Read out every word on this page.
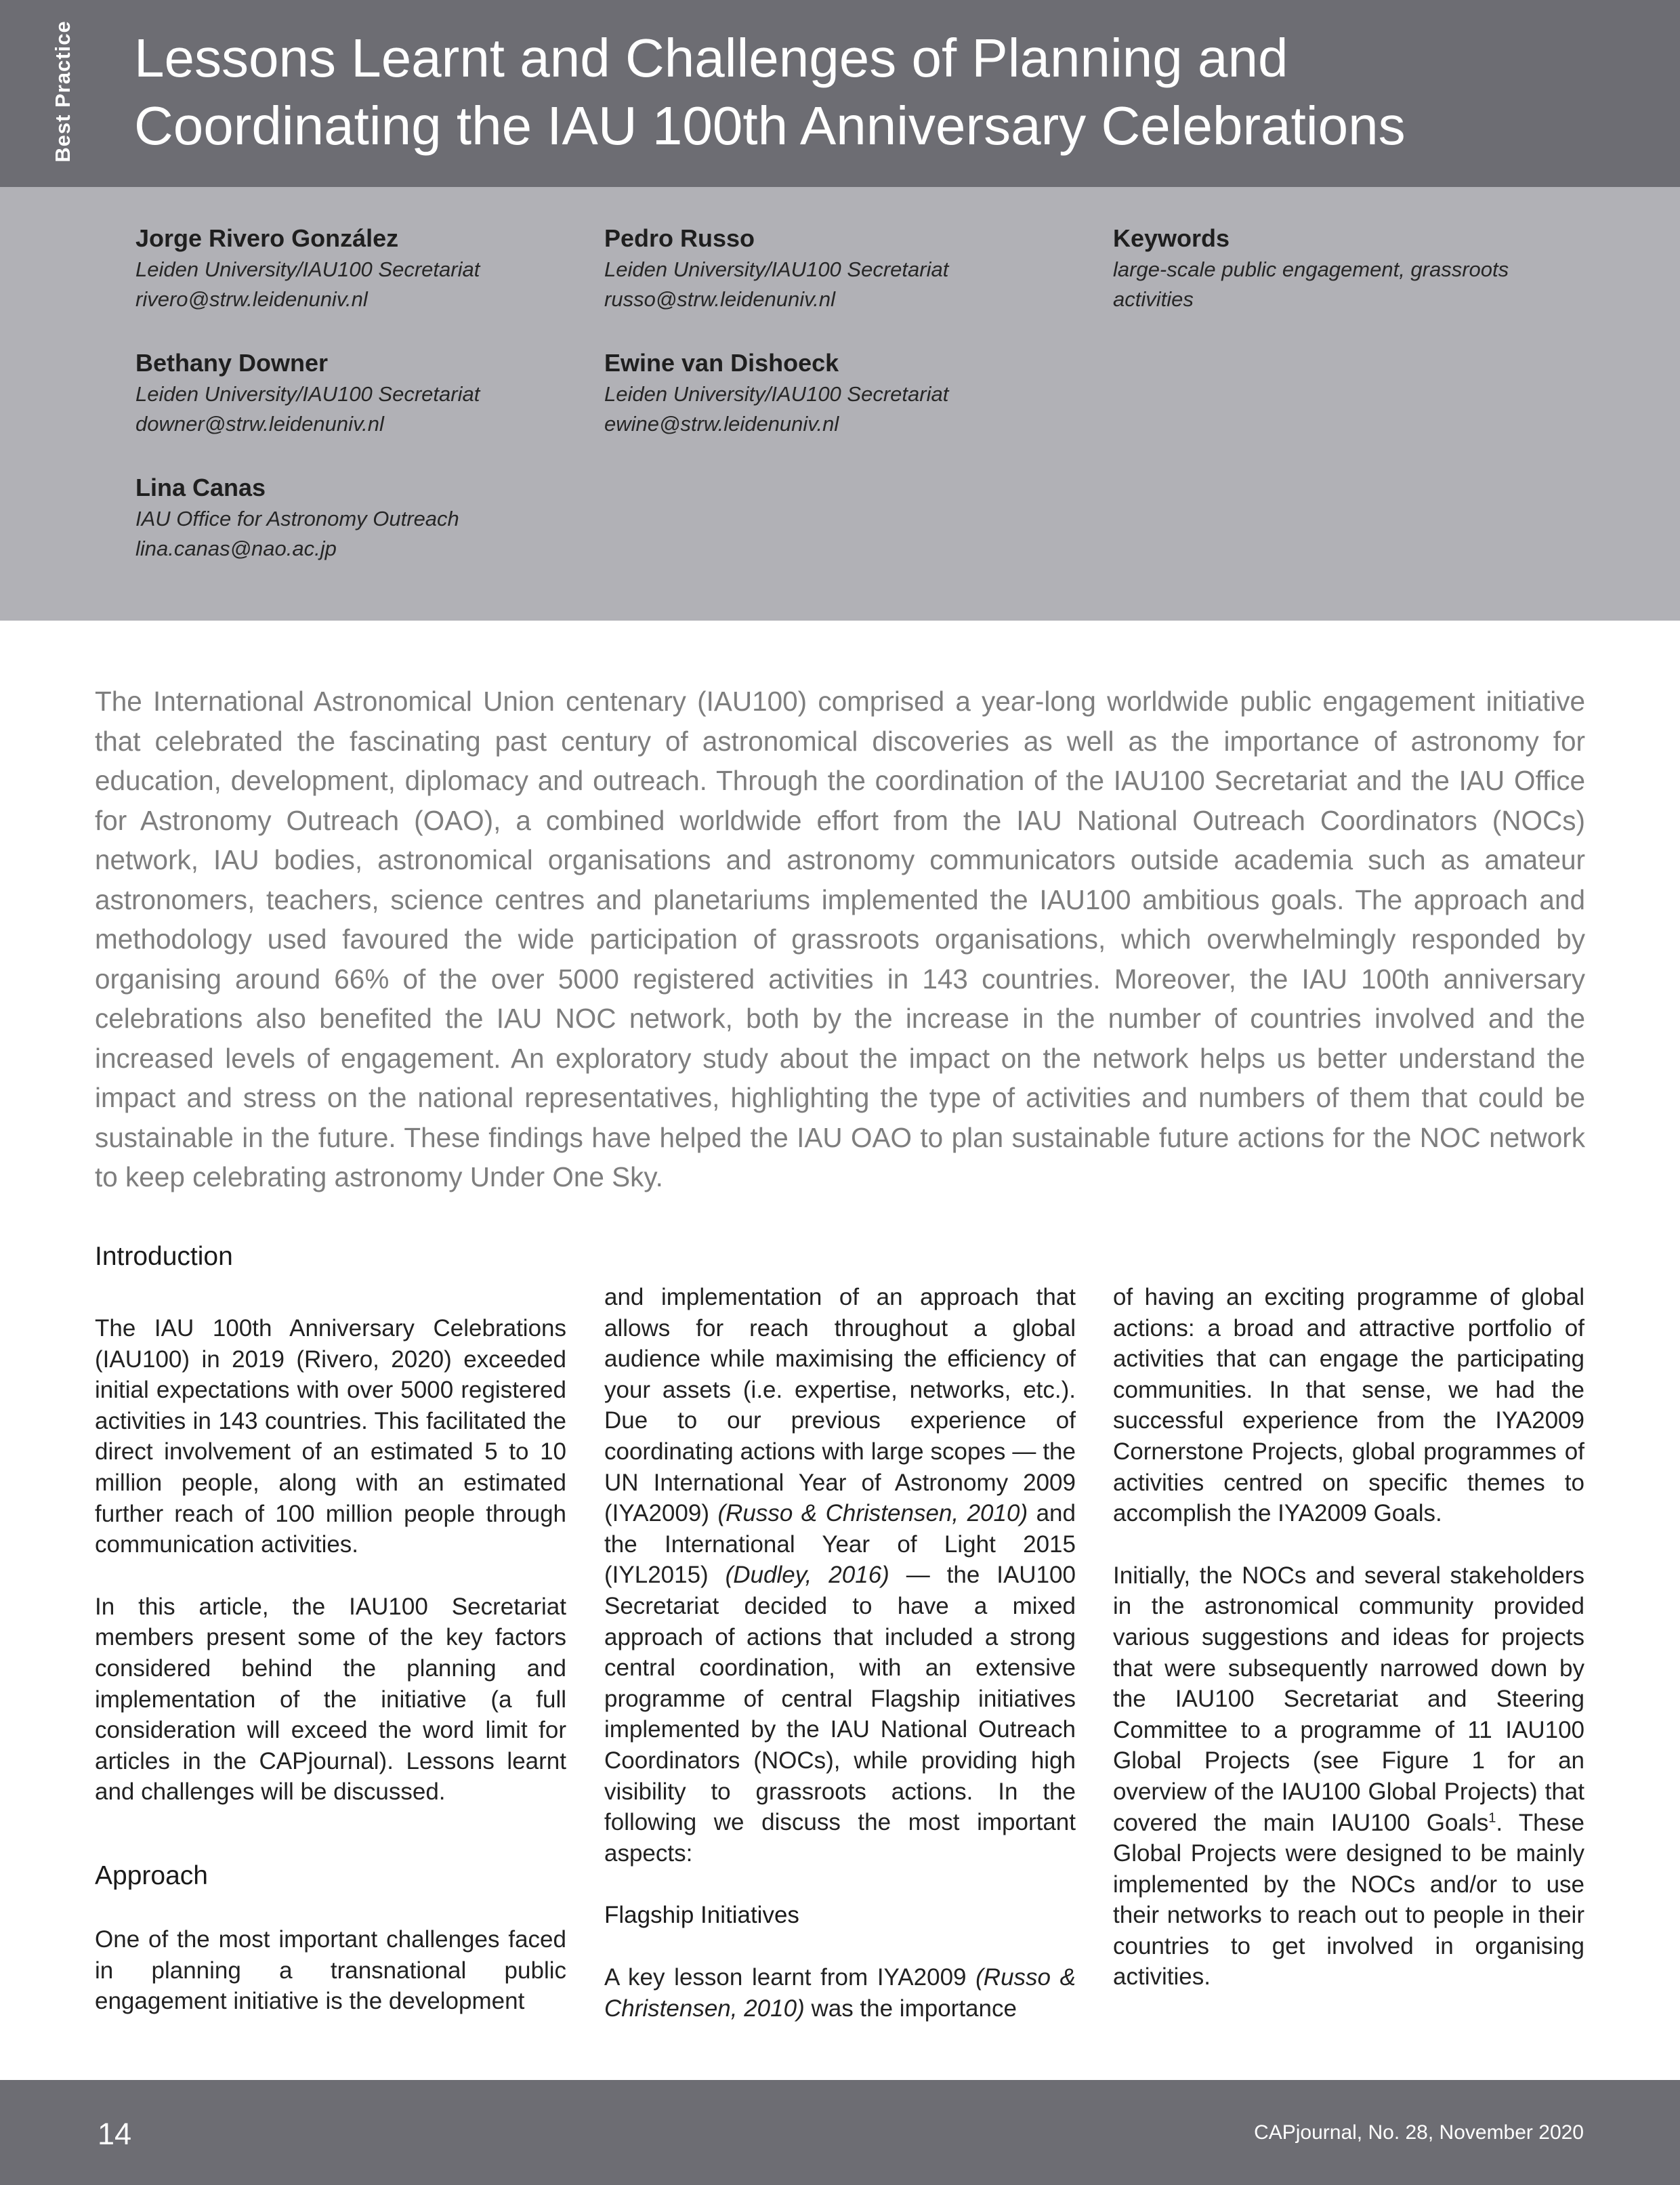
Best Practice Lessons Learnt and Challenges of Planning and
Coordinating the IAU 100th Anniversary Celebrations
Jorge Rivero González
Leiden University/IAU100 Secretariat
rivero@strw.leidenuniv.nl
Pedro Russo
Leiden University/IAU100 Secretariat
russo@strw.leidenuniv.nl
Keywords
large-scale public engagement, grassroots
activities
Bethany Downer
Leiden University/IAU100 Secretariat
downer@strw.leidenuniv.nl
Ewine van Dishoeck
Leiden University/IAU100 Secretariat
ewine@strw.leidenuniv.nl
Lina Canas
IAU Office for Astronomy Outreach
lina.canas@nao.ac.jp

The International Astronomical Union centenary (IAU100) comprised a year-long worldwide public engagement initiative that celebrated the fascinating past century of astronomical discoveries as well as the importance of astronomy for education, development, diplomacy and outreach. Through the coordination of the IAU100 Secretariat and the IAU Office for Astronomy Outreach (OAO), a combined worldwide effort from the IAU National Outreach Coordinators (NOCs) network, IAU bodies, astronomical organisations and astronomy communicators outside academia such as amateur astronomers, teachers, science centres and planetariums implemented the IAU100 ambitious goals. The approach and methodology used favoured the wide participation of grassroots organisations, which overwhelmingly responded by organising around 66% of the over 5000 registered activities in 143 countries. Moreover, the IAU 100th anniversary celebrations also benefited the IAU NOC network, both by the increase in the number of countries involved and the increased levels of engagement. An exploratory study about the impact on the network helps us better understand the impact and stress on the national representatives, highlighting the type of activities and numbers of them that could be sustainable in the future. These findings have helped the IAU OAO to plan sustainable future actions for the NOC network to keep celebrating astronomy Under One Sky.

Introduction

The IAU 100th Anniversary Celebrations (IAU100) in 2019 (Rivero, 2020) exceeded initial expectations with over 5000 registered activities in 143 countries. This facilitated the direct involvement of an estimated 5 to 10 million people, along with an estimated further reach of 100 million people through communication activities.

In this article, the IAU100 Secretariat members present some of the key factors considered behind the planning and implementation of the initiative (a full consideration will exceed the word limit for articles in the CAPjournal). Lessons learnt and challenges will be discussed.

Approach

One of the most important challenges faced in planning a transnational public engagement initiative is the development

and implementation of an approach that allows for reach throughout a global audience while maximising the efficiency of your assets (i.e. expertise, networks, etc.). Due to our previous experience of coordinating actions with large scopes — the UN International Year of Astronomy 2009 (IYA2009) (Russo & Christensen, 2010) and the International Year of Light 2015 (IYL2015) (Dudley, 2016) — the IAU100 Secretariat decided to have a mixed approach of actions that included a strong central coordination, with an extensive programme of central Flagship initiatives implemented by the IAU National Outreach Coordinators (NOCs), while providing high visibility to grassroots actions. In the following we discuss the most important aspects:

Flagship Initiatives

A key lesson learnt from IYA2009 (Russo & Christensen, 2010) was the importance

of having an exciting programme of global actions: a broad and attractive portfolio of activities that can engage the participating communities. In that sense, we had the successful experience from the IYA2009 Cornerstone Projects, global programmes of activities centred on specific themes to accomplish the IYA2009 Goals.

Initially, the NOCs and several stakeholders in the astronomical community provided various suggestions and ideas for projects that were subsequently narrowed down by the IAU100 Secretariat and Steering Committee to a programme of 11 IAU100 Global Projects (see Figure 1 for an overview of the IAU100 Global Projects) that covered the main IAU100 Goals$^1$. These Global Projects were designed to be mainly implemented by the NOCs and/or to use their networks to reach out to people in their countries to get involved in organising activities.

14	CAPjournal, No. 28, November 2020
